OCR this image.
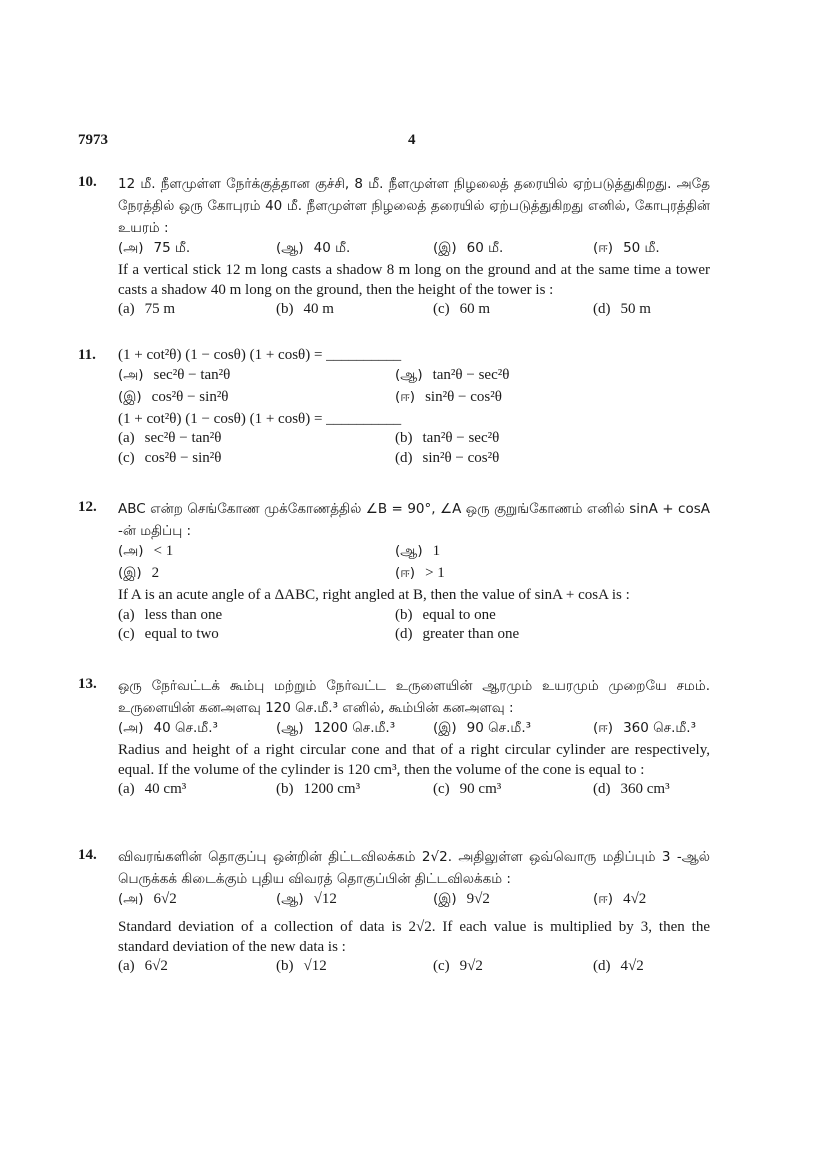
7973	4
10. 12 மீ. நீளமுள்ள நேர்க்குத்தான குச்சி, 8 மீ. நீளமுள்ள நிழலைத் தரையில் ஏற்படுத்துகிறது. அதே நேரத்தில் ஒரு கோபுரம் 40 மீ. நீளமுள்ள நிழலைத் தரையில் ஏற்படுத்துகிறது எனில், கோபுரத்தின் உயரம் :
(அ) 75 மீ.	(ஆ) 40 மீ.	(இ) 60 மீ.	(ஈ) 50 மீ.
If a vertical stick 12 m long casts a shadow 8 m long on the ground and at the same time a tower casts a shadow 40 m long on the ground, then the height of the tower is :
(a) 75 m	(b) 40 m	(c) 60 m	(d) 50 m
11. (1 + cot²θ) (1 − cosθ) (1 + cosθ) = __________
(அ) sec²θ − tan²θ	(ஆ) tan²θ − sec²θ
(இ) cos²θ − sin²θ	(ஈ) sin²θ − cos²θ
(1 + cot²θ) (1 − cosθ) (1 + cosθ) = __________
(a) sec²θ − tan²θ	(b) tan²θ − sec²θ
(c) cos²θ − sin²θ	(d) sin²θ − cos²θ
12. ABC என்ற செங்கோண முக்கோணத்தில் ∠B = 90°, ∠A ஒரு குறுங்கோணம் எனில் sinA + cosA -ன் மதிப்பு :
(அ) < 1	(ஆ) 1
(இ) 2	(ஈ) > 1
If A is an acute angle of a ΔABC, right angled at B, then the value of sinA + cosA is :
(a) less than one	(b) equal to one
(c) equal to two	(d) greater than one
13. ஒரு நேர்வட்டக் கூம்பு மற்றும் நேர்வட்ட உருளையின் ஆரமும் உயரமும் முறையே சமம். உருளையின் கனஅளவு 120 செ.மீ.³ எனில், கூம்பின் கனஅளவு :
(அ) 40 செ.மீ.³	(ஆ) 1200 செ.மீ.³	(இ) 90 செ.மீ.³	(ஈ) 360 செ.மீ.³
Radius and height of a right circular cone and that of a right circular cylinder are respectively, equal. If the volume of the cylinder is 120 cm³, then the volume of the cone is equal to :
(a) 40 cm³	(b) 1200 cm³	(c) 90 cm³	(d) 360 cm³
14. விவரங்களின் தொகுப்பு ஒன்றின் திட்டவிலக்கம் 2√2. அதிலுள்ள ஒவ்வொரு மதிப்பும் 3 -ஆல் பெருக்கக் கிடைக்கும் புதிய விவரத் தொகுப்பின் திட்டவிலக்கம் :
(அ) 6√2	(ஆ) √12	(இ) 9√2	(ஈ) 4√2
Standard deviation of a collection of data is 2√2. If each value is multiplied by 3, then the standard deviation of the new data is :
(a) 6√2	(b) √12	(c) 9√2	(d) 4√2
